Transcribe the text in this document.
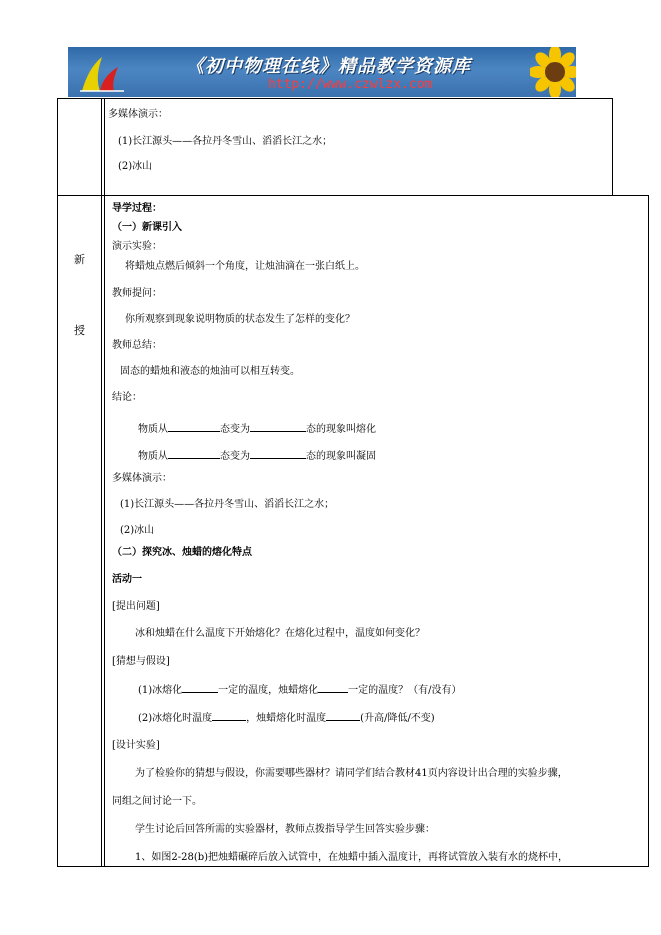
《初中物理在线》精品教学资源库
http://www.czwlzx.com
多媒体演示：
(1)长江源头——各拉丹冬雪山、滔滔长江之水；
(2)冰山
新
授
导学过程：
（一）新课引入
演示实验：
将蜡烛点燃后倾斜一个角度，让烛油滴在一张白纸上。
教师提问：
你所观察到现象说明物质的状态发生了怎样的变化？
教师总结：
固态的蜡烛和液态的烛油可以相互转变。
结论：
物质从	态变为	态的现象叫熔化
物质从	态变为	态的现象叫凝固
多媒体演示：
(1)长江源头——各拉丹冬雪山、滔滔长江之水；
(2)冰山
（二）探究冰、烛蜡的熔化特点
活动一
[提出问题]
冰和烛蜡在什么温度下开始熔化？在熔化过程中，温度如何变化？
[猜想与假设]
(1)冰熔化	一定的温度，烛蜡熔化	一定的温度？（有/没有）
(2)冰熔化时温度	，烛蜡熔化时温度	(升高/降低/不变)
[设计实验]
为了检验你的猜想与假设，你需要哪些器材？请同学们结合教材41页内容设计出合理的实验步骤，
同组之间讨论一下。
学生讨论后回答所需的实验器材，教师点拨指导学生回答实验步骤：
1、如图2-28(b)把烛蜡碾碎后放入试管中，在烛蜡中插入温度计，再将试管放入装有水的烧杯中，
